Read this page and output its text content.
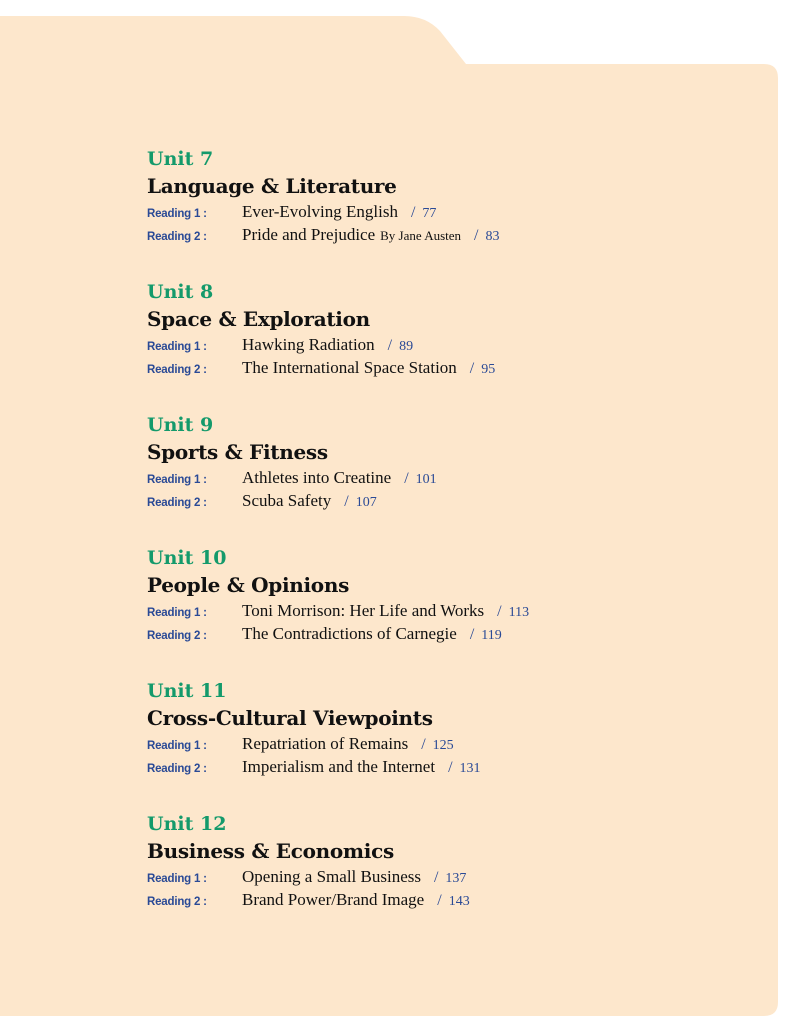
Unit 7
Language & Literature
Reading 1 :	Ever-Evolving English / 77
Reading 2 :	Pride and Prejudice By Jane Austen / 83
Unit 8
Space & Exploration
Reading 1 :	Hawking Radiation / 89
Reading 2 :	The International Space Station / 95
Unit 9
Sports & Fitness
Reading 1 :	Athletes into Creatine / 101
Reading 2 :	Scuba Safety / 107
Unit 10
People & Opinions
Reading 1 :	Toni Morrison: Her Life and Works / 113
Reading 2 :	The Contradictions of Carnegie / 119
Unit 11
Cross-Cultural Viewpoints
Reading 1 :	Repatriation of Remains / 125
Reading 2 :	Imperialism and the Internet / 131
Unit 12
Business & Economics
Reading 1 :	Opening a Small Business / 137
Reading 2 :	Brand Power/Brand Image / 143
